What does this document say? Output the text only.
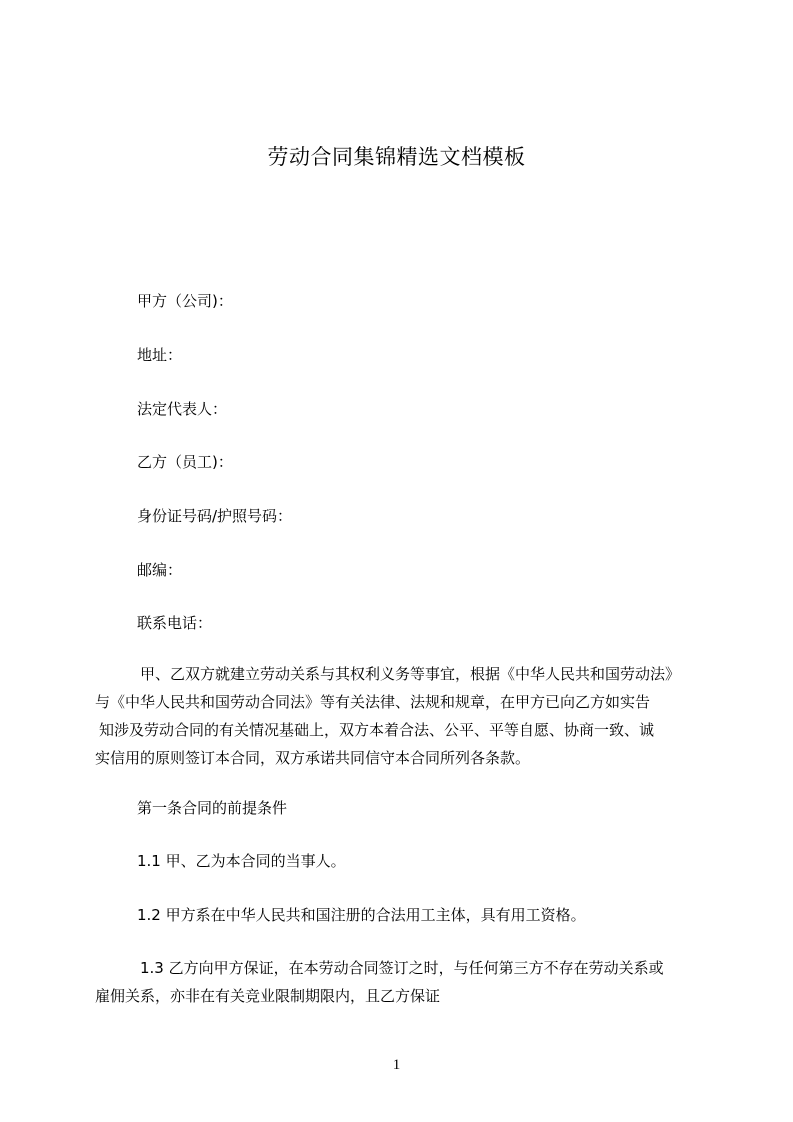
劳动合同集锦精选文档模板
甲方（公司)：
地址：
法定代表人：
乙方（员工)：
身份证号码/护照号码：
邮编：
联系电话：
甲、乙双方就建立劳动关系与其权利义务等事宜，根据《中华人民共和国劳动法》
与《中华人民共和国劳动合同法》等有关法律、法规和规章，在甲方已向乙方如实告
知涉及劳动合同的有关情况基础上，双方本着合法、公平、平等自愿、协商一致、诚
实信用的原则签订本合同，双方承诺共同信守本合同所列各条款。
第一条合同的前提条件
1.1 甲、乙为本合同的当事人。
1.2 甲方系在中华人民共和国注册的合法用工主体，具有用工资格。
1.3 乙方向甲方保证，在本劳动合同签订之时，与任何第三方不存在劳动关系或
雇佣关系，亦非在有关竞业限制期限内，且乙方保证
1
